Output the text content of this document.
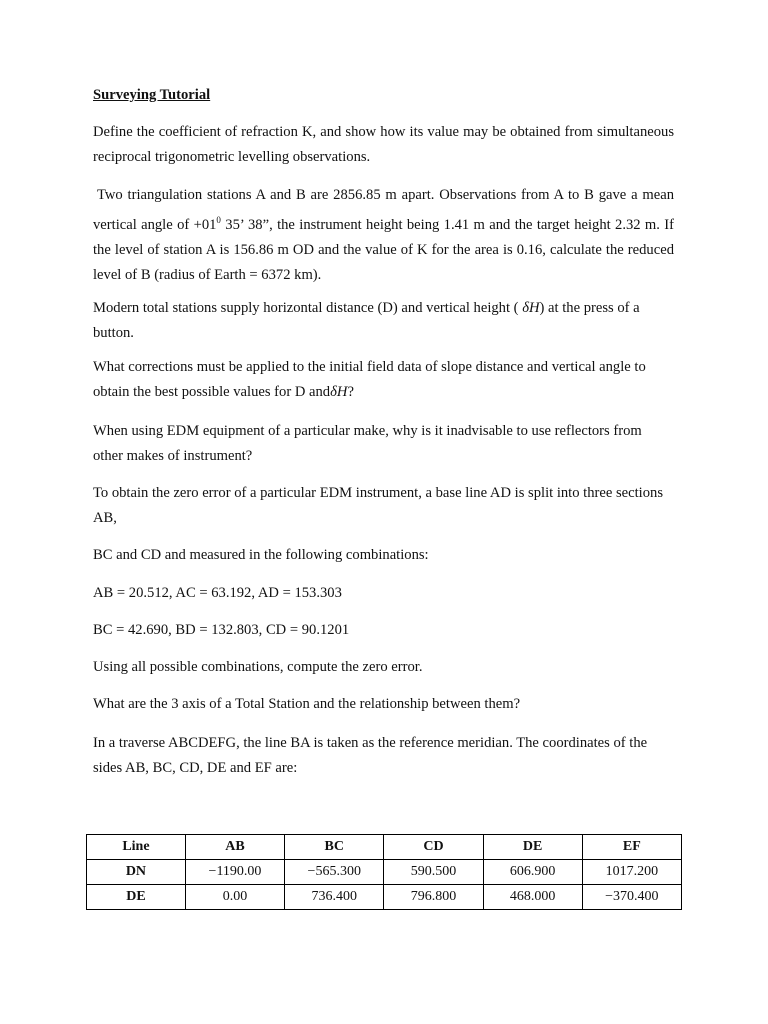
Surveying Tutorial

Define the coefficient of refraction K, and show how its value may be obtained from simultaneous reciprocal trigonometric levelling observations.

Two triangulation stations A and B are 2856.85 m apart. Observations from A to B gave a mean vertical angle of $+01^0$ 35’ 38”, the instrument height being 1.41 m and the target height 2.32 m. If the level of station A is 156.86 m OD and the value of K for the area is 0.16, calculate the reduced level of B (radius of Earth = 6372 km).

Modern total stations supply horizontal distance (D) and vertical height ( δH) at the press of a button.

What corrections must be applied to the initial field data of slope distance and vertical angle to obtain the best possible values for D andδH?

When using EDM equipment of a particular make, why is it inadvisable to use reflectors from other makes of instrument?

To obtain the zero error of a particular EDM instrument, a base line AD is split into three sections AB,

BC and CD and measured in the following combinations:

AB = 20.512, AC = 63.192, AD = 153.303

BC = 42.690, BD = 132.803, CD = 90.1201

Using all possible combinations, compute the zero error.

What are the 3 axis of a Total Station and the relationship between them?

In a traverse ABCDEFG, the line BA is taken as the reference meridian. The coordinates of the sides AB, BC, CD, DE and EF are:

Line	AB	BC	CD	DE	EF
DN	−1190.00	−565.300	590.500	606.900	1017.200
DE	0.00	736.400	796.800	468.000	−370.400
